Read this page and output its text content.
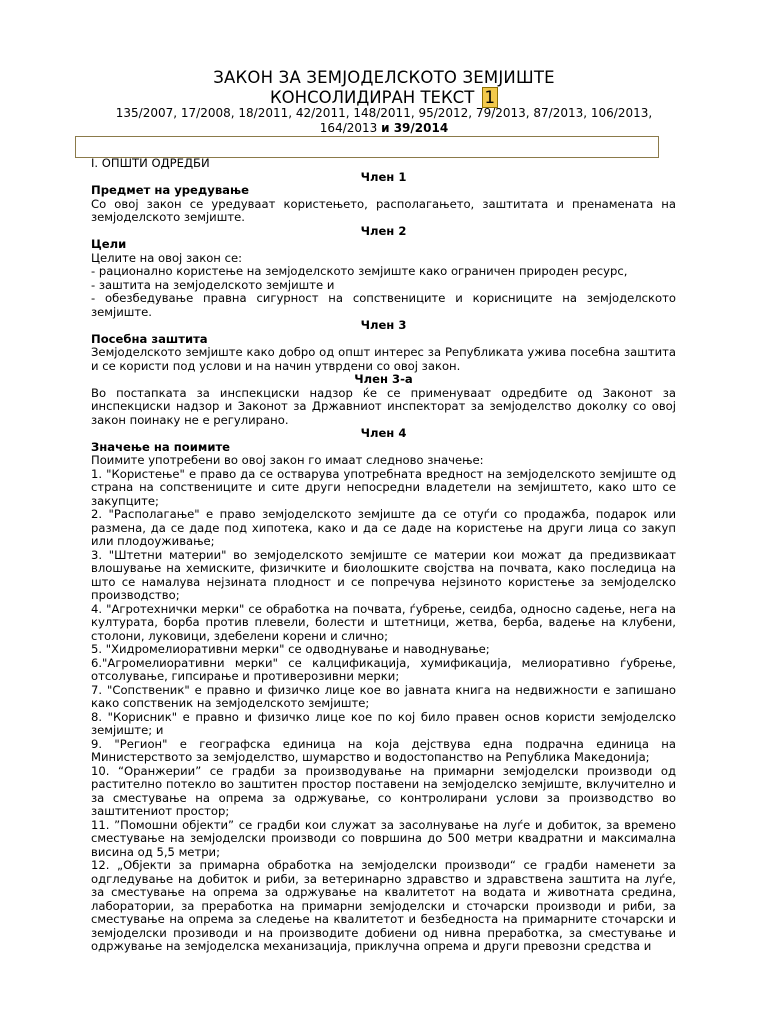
ЗАКОН ЗА ЗЕМЈОДЕЛСКОТО ЗЕМЈИШТЕ
КОНСОЛИДИРАН ТЕКСТ 1
135/2007, 17/2008, 18/2011, 42/2011, 148/2011, 95/2012, 79/2013, 87/2013, 106/2013,
164/2013 и 39/2014

I. ОПШТИ ОДРЕДБИ

Член 1

Предмет на уредување

Со овој закон се уредуваат користењето, располагањето, заштитата и пренамената на земјоделското земјиште.

Член 2

Цели

Целите на овој закон се:

- рационално користење на земјоделското земјиште како ограничен природен ресурс,

- заштита на земјоделското земјиште и

- обезбедување правна сигурност на сопствениците и корисниците на земјоделското земјиште.

Член 3

Посебна заштита

Земјоделското земјиште како добро од општ интерес за Републиката ужива посебна заштита и се користи под услови и на начин утврдени со овој закон.

Член 3-а

Во постапката за инспекциски надзор ќе се применуваат одредбите од Законот за инспекциски надзор и Законот за Државниот инспекторат за земјоделство доколку со овој закон поинаку не е регулирано.

Член 4

Значење на поимите

Поимите употребени во овој закон го имаат следново значење:

1. "Користење" е право да се остварува употребната вредност на земјоделското земјиште од страна на сопствениците и сите други непосредни владетели на земјиштето, како што се закупците;

2. "Располагање" е право земјоделското земјиште да се отуѓи со продажба, подарок или размена, да се даде под хипотека, како и да се даде на користење на други лица со закуп или плодоуживање;

3. "Штетни материи" во земјоделското земјиште се материи кои можат да предизвикаат влошување на хемиските, физичките и биолошките својства на почвата, како последица на што се намалува нејзината плодност и се попречува нејзиното користење за земјоделско производство;

4. "Агротехнички мерки" се обработка на почвата, ѓубрење, сеидба, односно садење, нега на културата, борба против плевели, болести и штетници, жетва, берба, вадење на клубени, столони, луковици, здебелени корени и слично;

5. "Хидромелиоративни мерки" се одводнување и наводнување;

6."Агромелиоративни мерки" се калцификација, хумификација, мелиоративно ѓубрење, отсолување, гипсирање и противерозивни мерки;

7. "Сопственик" е правно и физичко лице кое во јавната книга на недвижности е запишано како сопственик на земјоделското земјиште;

8. "Корисник" е правно и физичко лице кое по кој било правен основ користи земјоделско земјиште; и

9. "Регион" е географска единица на која дејствува една подрачна единица на Министерството за земјоделство, шумарство и водостопанство на Република Македонија;

10. “Оранжерии” се градби за производување на примарни земјоделски производи од растително потекло во заштитен простор поставени на земјоделско земјиште, вклучително и за сместување на опрема за одржување, со контролирани услови за производство во заштитениот простор;

11. ”Помошни објекти” се градби кои служат за засолнување на луѓе и добиток, за времено сместување на земјоделски производи со површина до 500 метри квадратни и максимална висина од 5,5 метри;

12. „Објекти за примарна обработка на земјоделски производи“ се градби наменети за одгледување на добиток и риби, за ветеринарно здравство и здравствена заштита на луѓе, за сместување на опрема за одржување на квалитетот на водата и животната средина, лаборатории, за преработка на примарни земјоделски и сточарски производи и риби, за сместување на опрема за следење на квалитетот и безбедноста на примарните сточарски и земјоделски прозиводи и на производите добиени од нивна преработка, за сместување и одржување на земјоделска механизација, приклучна опрема и други превозни средства и
